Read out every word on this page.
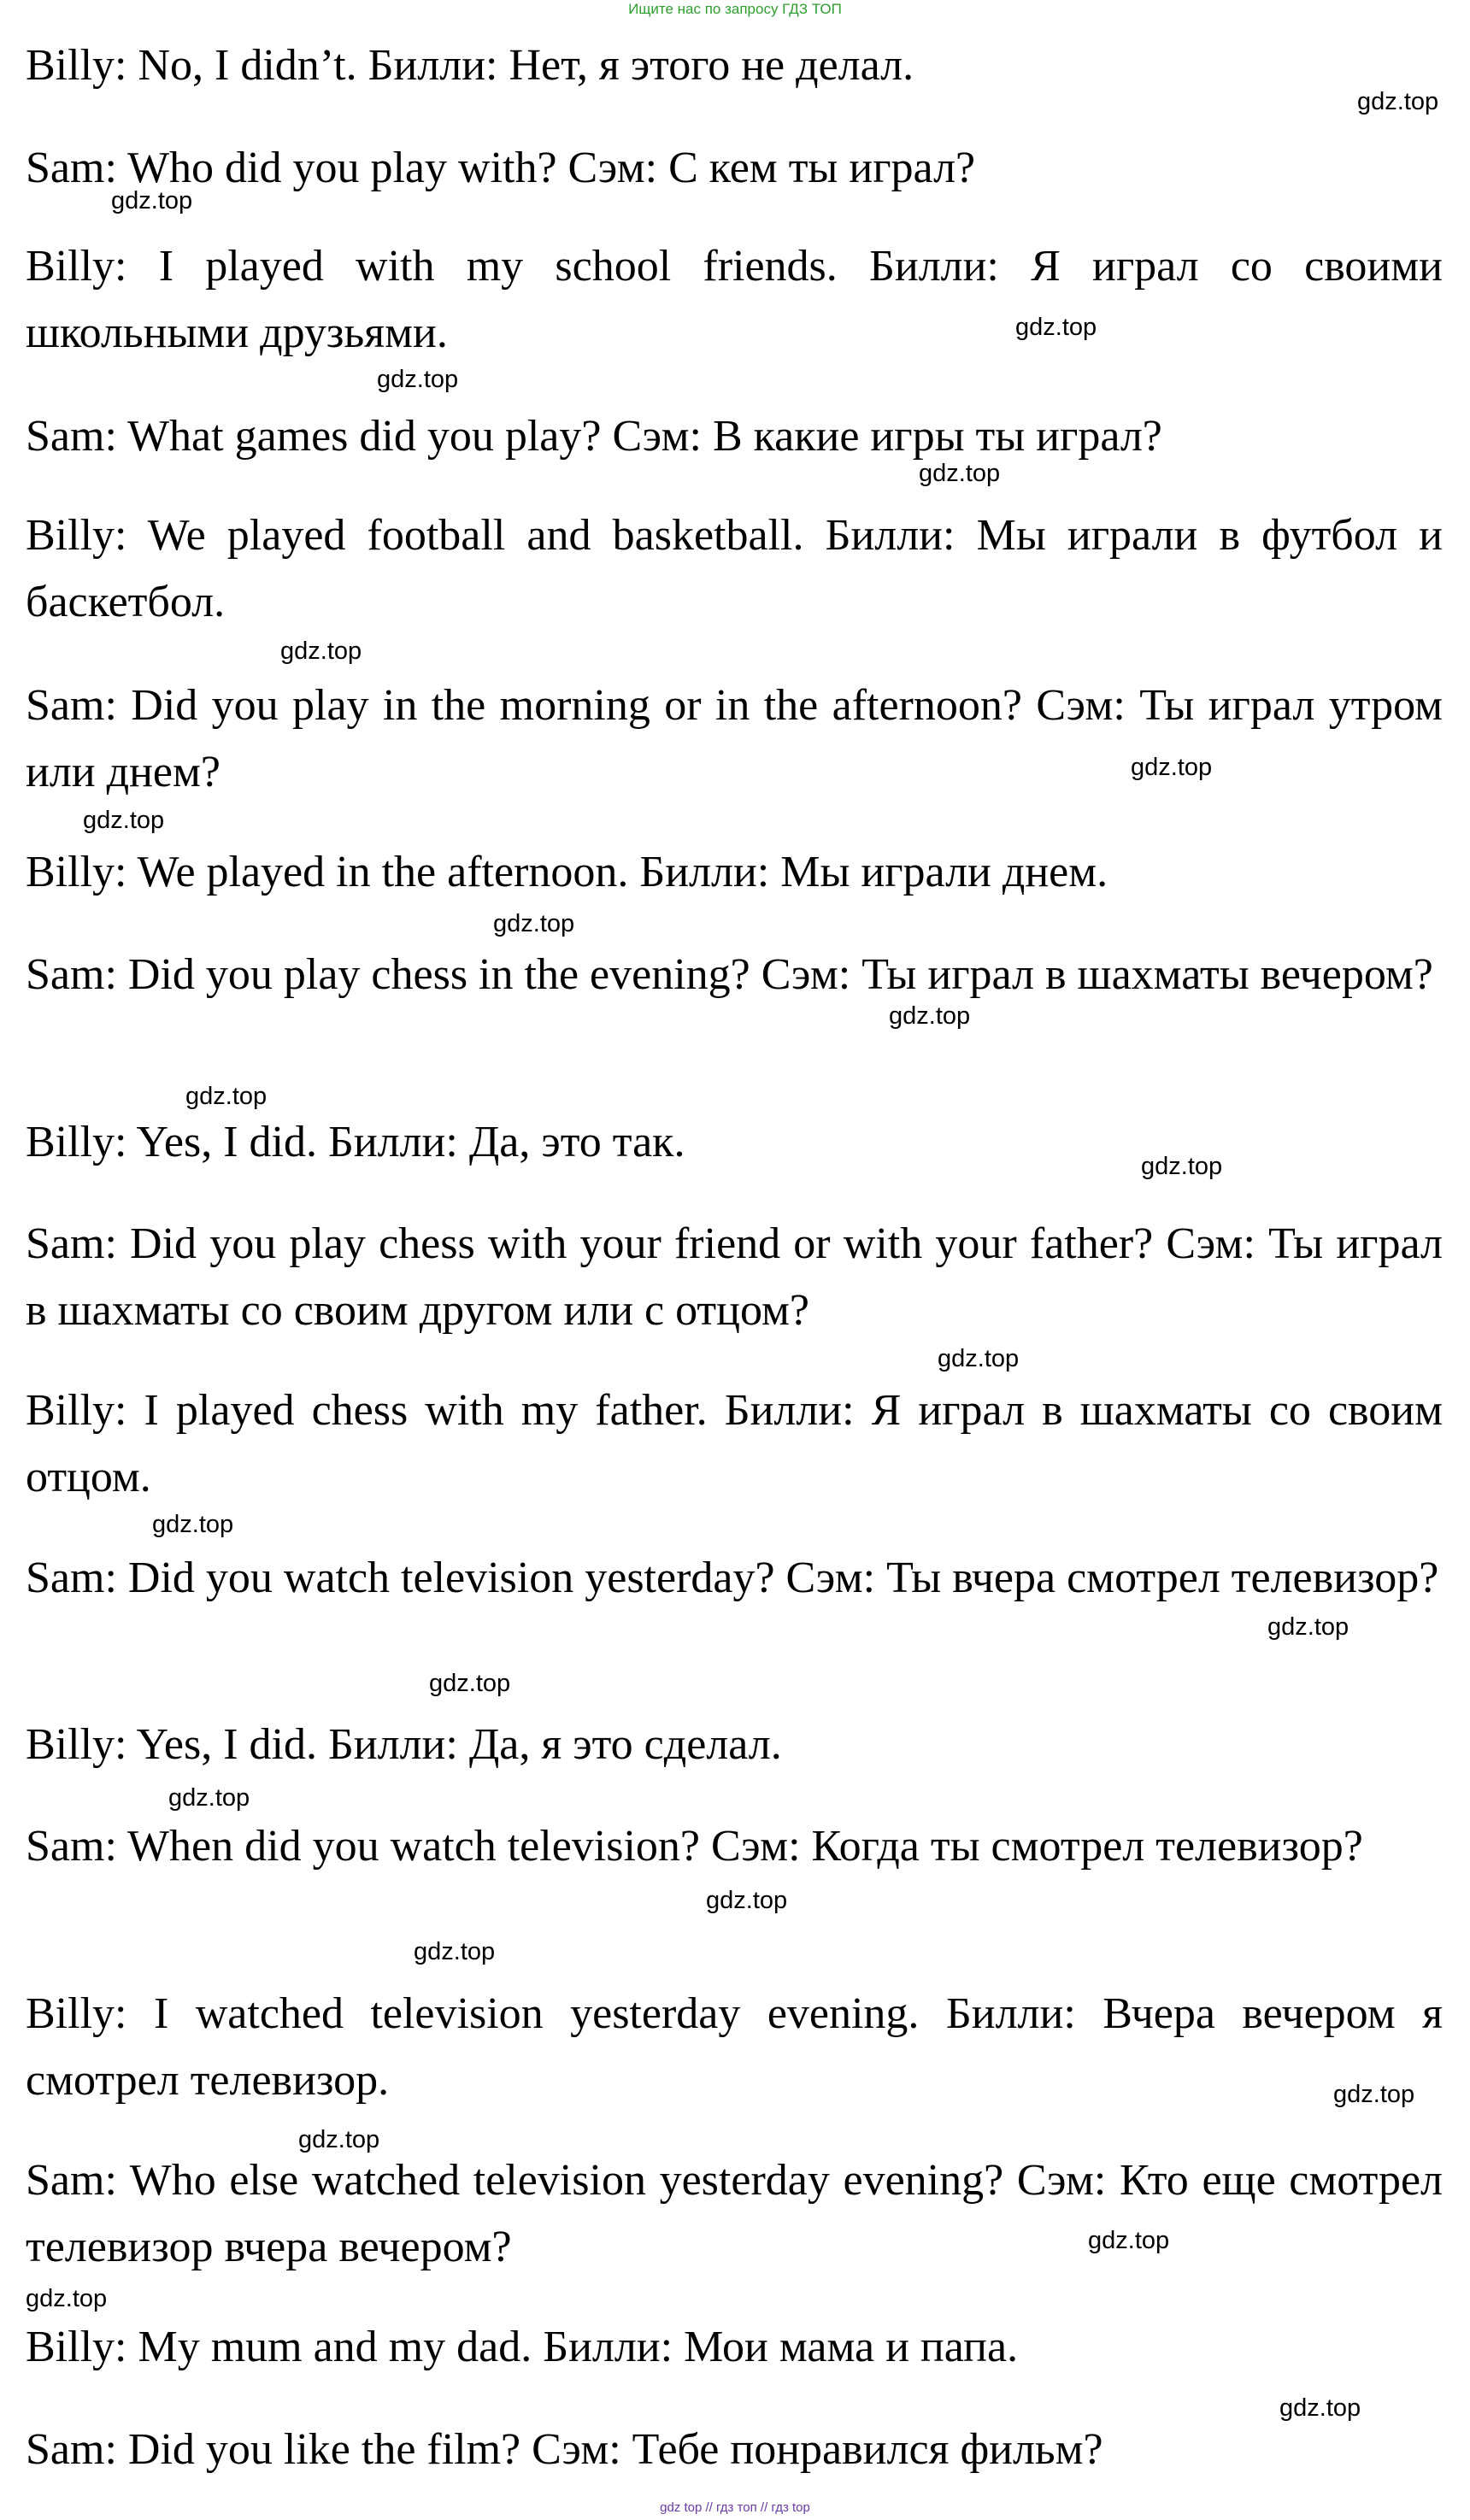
Ищите нас по запросу ГДЗ ТОП

Billy: No, I didn’t. Билли: Нет, я этого не делал.

Sam: Who did you play with? Сэм: С кем ты играл?

Billy: I played with my school friends. Билли: Я играл со своими школьными друзьями.

Sam: What games did you play? Сэм: В какие игры ты играл?

Billy: We played football and basketball. Билли: Мы играли в футбол и баскетбол.

Sam: Did you play in the morning or in the afternoon? Сэм: Ты играл утром или днем?

Billy: We played in the afternoon. Билли: Мы играли днем.

Sam: Did you play chess in the evening? Сэм: Ты играл в шахматы вечером?

Billy: Yes, I did. Билли: Да, это так.

Sam: Did you play chess with your friend or with your father? Сэм: Ты играл в шахматы со своим другом или с отцом?

Billy: I played chess with my father. Билли: Я играл в шахматы со своим отцом.

Sam: Did you watch television yesterday? Сэм: Ты вчера смотрел телевизор?

Billy: Yes, I did. Билли: Да, я это сделал.

Sam: When did you watch television? Сэм: Когда ты смотрел телевизор?

Billy: I watched television yesterday evening. Билли: Вчера вечером я смотрел телевизор.

Sam: Who else watched television yesterday evening? Сэм: Кто еще смотрел телевизор вчера вечером?

Billy: My mum and my dad. Билли: Мои мама и папа.

Sam: Did you like the film? Сэм: Тебе понравился фильм?

gdz.top
gdz.top
gdz.top
gdz.top
gdz.top
gdz.top
gdz.top
gdz.top
gdz.top
gdz.top
gdz.top
gdz.top
gdz.top
gdz.top
gdz.top
gdz.top
gdz.top
gdz.top
gdz.top
gdz.top
gdz.top
gdz.top
gdz.top
gdz.top
gdz top // гдз топ // гдз top
